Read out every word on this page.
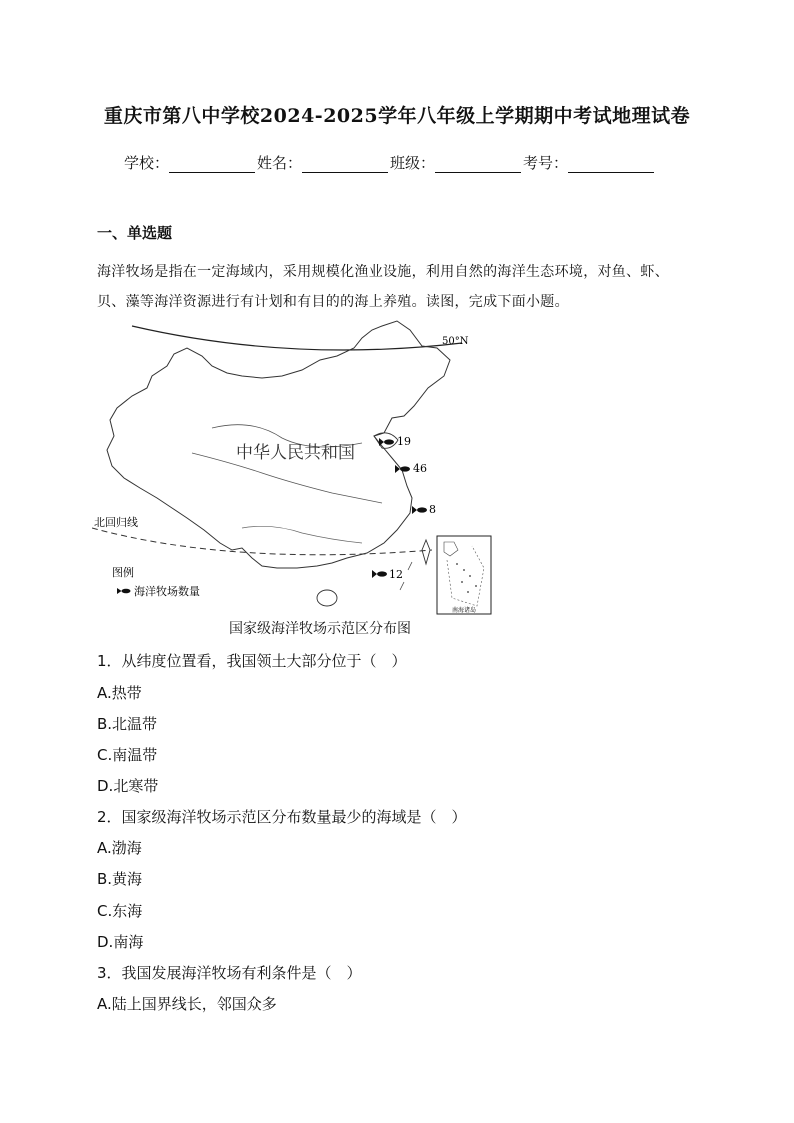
重庆市第八中学校2024-2025学年八年级上学期期中考试地理试卷
学校：	姓名：	班级：	考号：
一、单选题
海洋牧场是指在一定海域内，采用规模化渔业设施，利用自然的海洋生态环境，对鱼、虾、贝、藻等海洋资源进行有计划和有目的的海上养殖。读图，完成下面小题。
50°N
北回归线
中华人民共和国
19
46
8
12
图例
海洋牧场数量
南海诸岛
国家级海洋牧场示范区分布图
1．从纬度位置看，我国领土大部分位于（　）
A.热带
B.北温带
C.南温带
D.北寒带
2．国家级海洋牧场示范区分布数量最少的海域是（　）
A.渤海
B.黄海
C.东海
D.南海
3．我国发展海洋牧场有利条件是（　）
A.陆上国界线长，邻国众多
